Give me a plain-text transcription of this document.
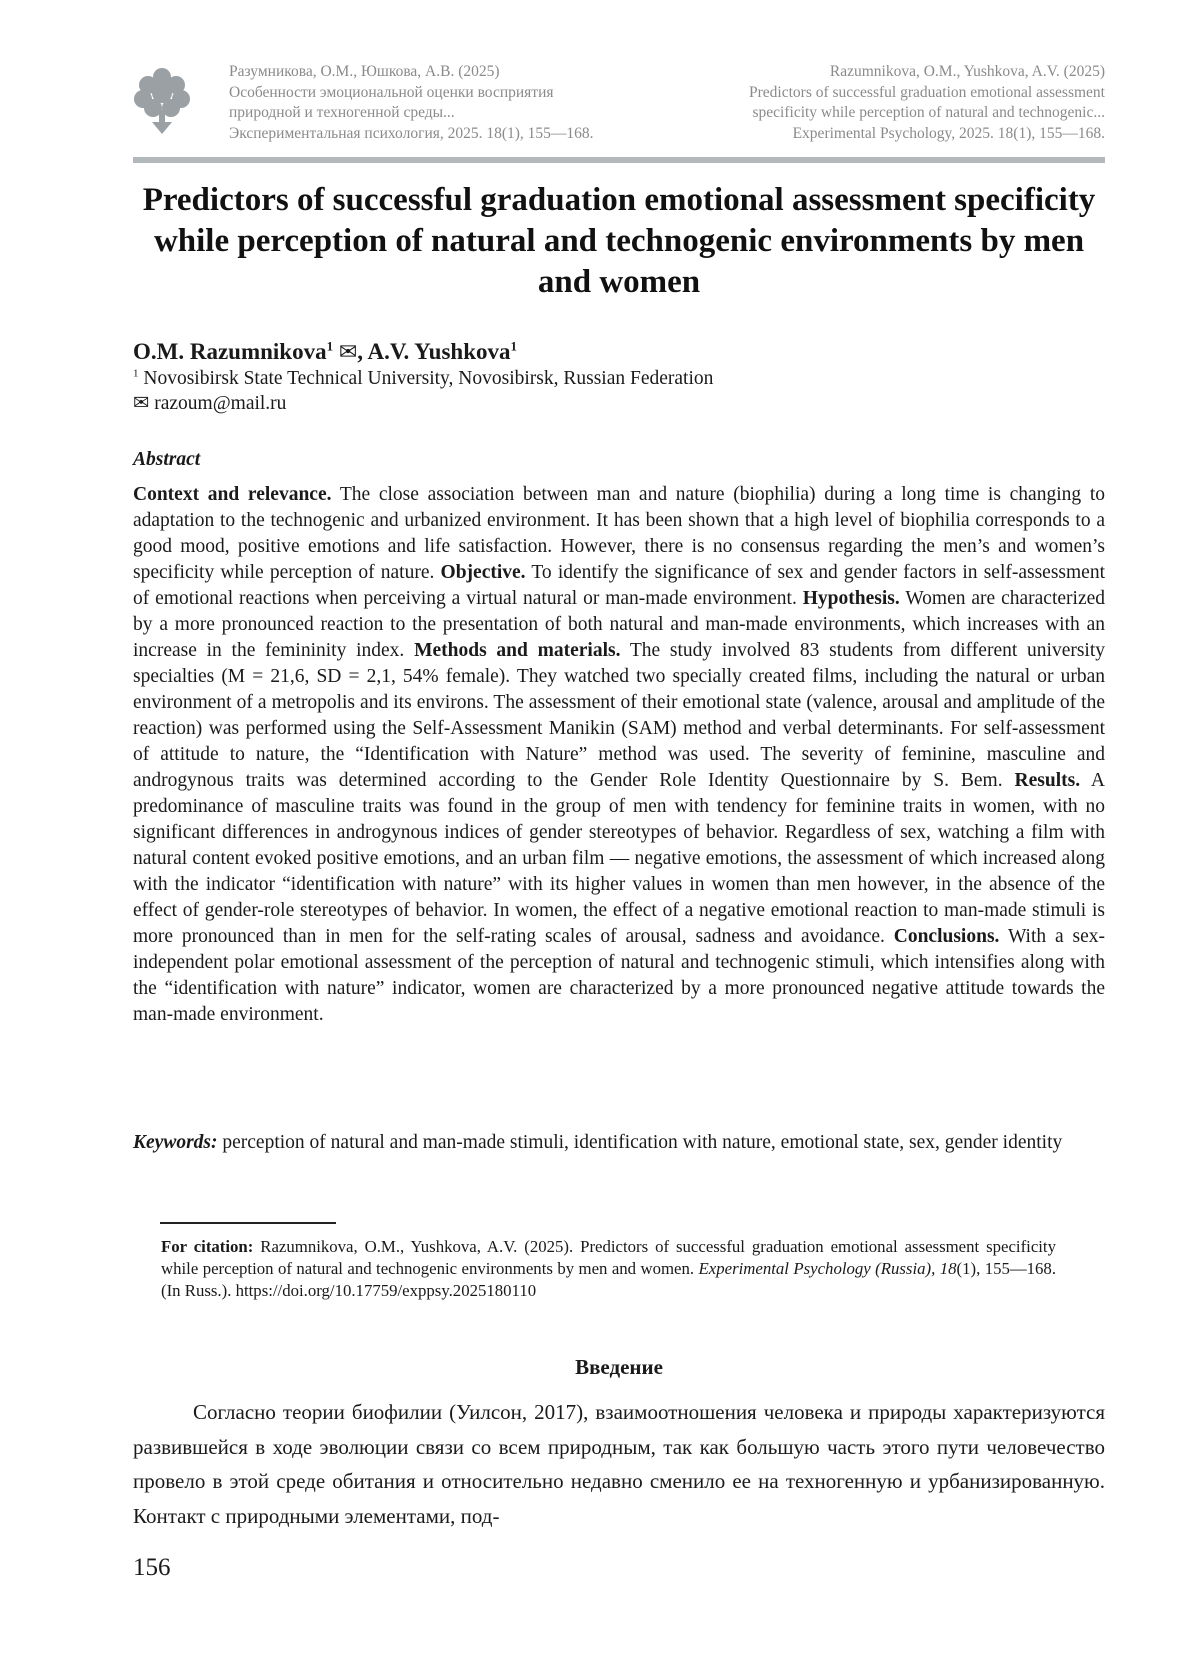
Разумникова, О.М., Юшкова, А.В. (2025)
Особенности эмоциональной оценки восприятия
природной и техногенной среды...
Экспериментальная психология, 2025. 18(1), 155—168.
Razumnikova, O.M., Yushkova, A.V. (2025)
Predictors of successful graduation emotional assessment
specificity while perception of natural and technogenic...
Experimental Psychology, 2025. 18(1), 155—168.
Predictors of successful graduation emotional assessment specificity while perception of natural and technogenic environments by men and women
O.M. Razumnikova$^1$ ✉, A.V. Yushkova$^1$
$^1$ Novosibirsk State Technical University, Novosibirsk, Russian Federation
✉ razoum@mail.ru
Abstract

Context and relevance. The close association between man and nature (biophilia) during a long time is changing to adaptation to the technogenic and urbanized environment. It has been shown that a high level of biophilia corresponds to a good mood, positive emotions and life satisfaction. However, there is no consensus regarding the men’s and women’s specificity while perception of nature. Objective. To identify the significance of sex and gender factors in self-assessment of emotional reactions when perceiving a virtual natural or man-made environment. Hypothesis. Women are characterized by a more pronounced reaction to the presentation of both natural and man-made environments, which increases with an increase in the femininity index. Methods and materials. The study involved 83 students from different university specialties (M = 21,6, SD = 2,1, 54% female). They watched two specially created films, including the natural or urban environment of a metropolis and its environs. The assessment of their emotional state (valence, arousal and amplitude of the reaction) was performed using the Self-Assessment Manikin (SAM) method and verbal determinants. For self-assessment of attitude to nature, the “Identification with Nature” method was used. The severity of feminine, masculine and androgynous traits was determined according to the Gender Role Identity Questionnaire by S. Bem. Results. A predominance of masculine traits was found in the group of men with tendency for feminine traits in women, with no significant differences in androgynous indices of gender stereotypes of behavior. Regardless of sex, watching a film with natural content evoked positive emotions, and an urban film — negative emotions, the assessment of which increased along with the indicator “identification with nature” with its higher values in women than men however, in the absence of the effect of gender-role stereotypes of behavior. In women, the effect of a negative emotional reaction to man-made stimuli is more pronounced than in men for the self-rating scales of arousal, sadness and avoidance. Conclusions. With a sex-independent polar emotional assessment of the perception of natural and technogenic stimuli, which intensifies along with the “identification with nature” indicator, women are characterized by a more pronounced negative attitude towards the man-made environment.

Keywords: perception of natural and man-made stimuli, identification with nature, emotional state, sex, gender identity

For citation: Razumnikova, O.M., Yushkova, A.V. (2025). Predictors of successful graduation emotional assessment specificity while perception of natural and technogenic environments by men and women. Experimental Psychology (Russia), 18(1), 155—168. (In Russ.). https://doi.org/10.17759/exppsy.2025180110

Введение

Согласно теории биофилии (Уилсон, 2017), взаимоотношения человека и природы характеризуются развившейся в ходе эволюции связи со всем природным, так как большую часть этого пути человечество провело в этой среде обитания и относительно недавно сменило ее на техногенную и урбанизированную. Контакт с природными элементами, под-

156
